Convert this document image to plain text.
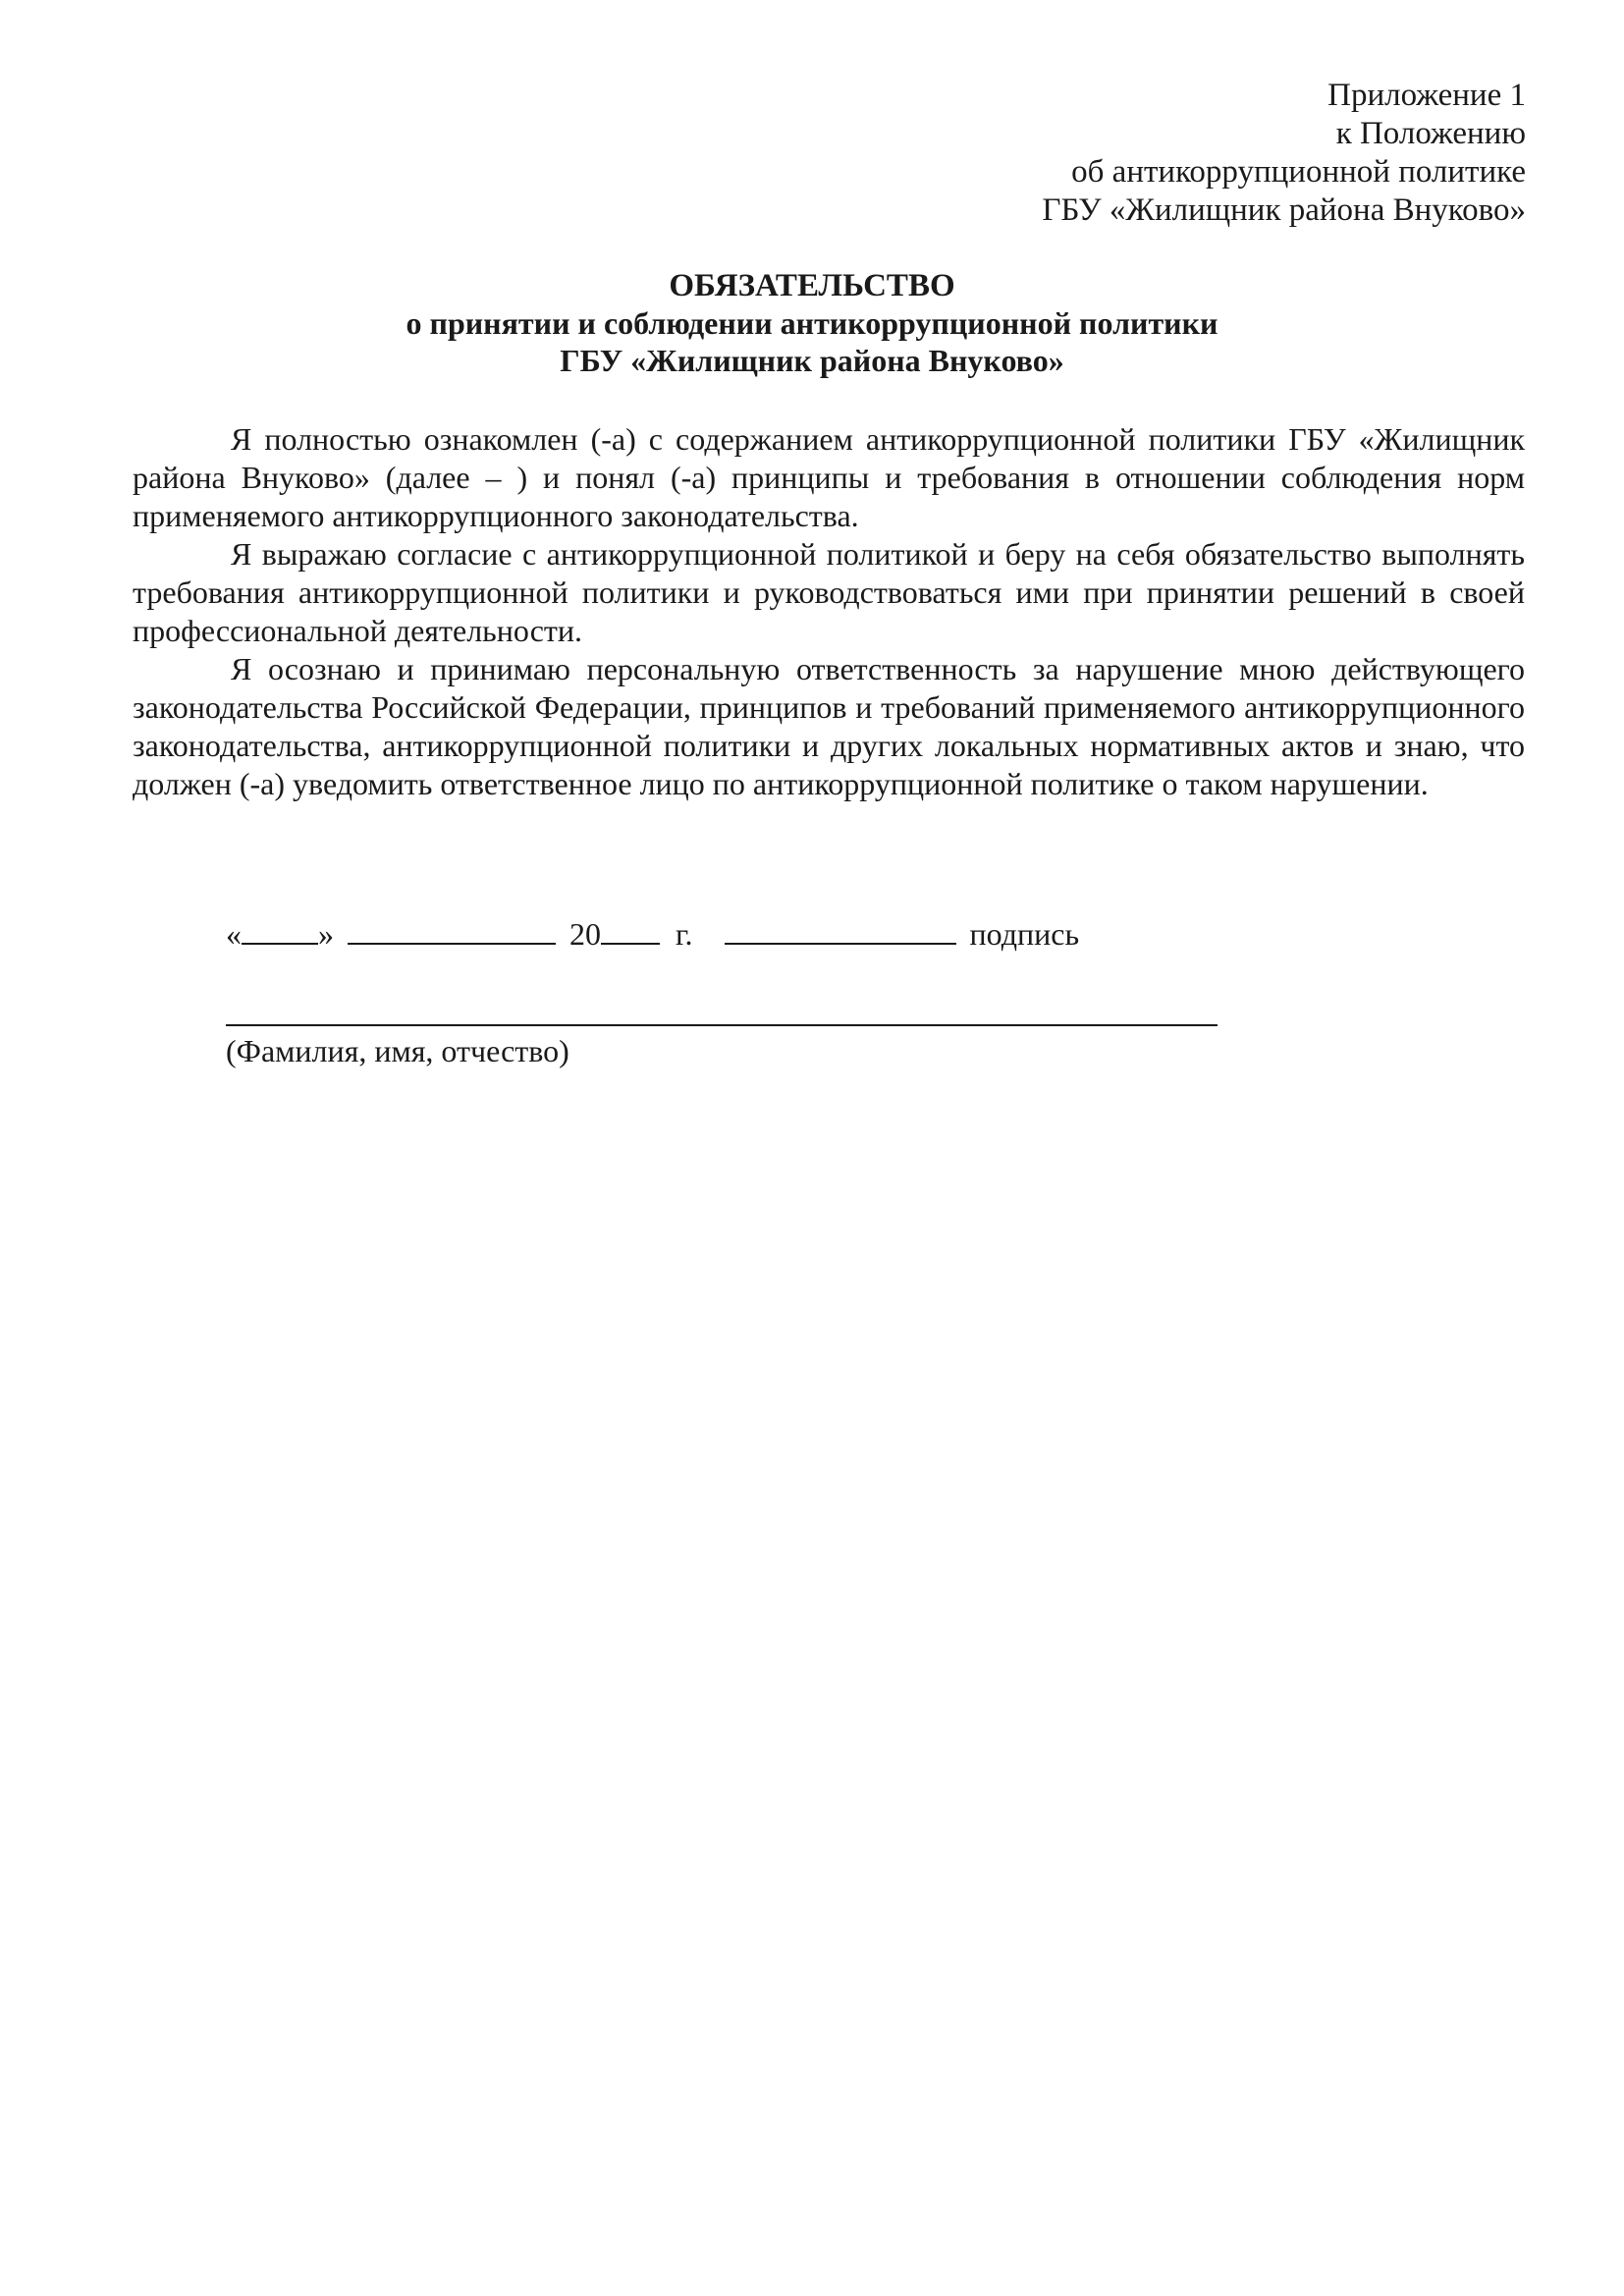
Приложение 1
к Положению
об антикоррупционной политике
ГБУ «Жилищник района Внуково»
ОБЯЗАТЕЛЬСТВО
о принятии и соблюдении антикоррупционной политики
ГБУ «Жилищник района Внуково»

Я полностью ознакомлен (-а) с содержанием антикоррупционной политики ГБУ «Жилищник района Внуково» (далее – ) и понял (-а) принципы и требования в отношении соблюдения норм применяемого антикоррупционного законодательства.

Я выражаю согласие с антикоррупционной политикой и беру на себя обязательство выполнять требования антикоррупционной политики и руководствоваться ими при принятии решений в своей профессиональной деятельности.

Я осознаю и принимаю персональную ответственность за нарушение мною действующего законодательства Российской Федерации, принципов и требований применяемого антикоррупционного законодательства, антикоррупционной политики и других локальных нормативных актов и знаю, что должен (-а) уведомить ответственное лицо по антикоррупционной политике о таком нарушении.

« »	20 г.	подпись
(Фамилия, имя, отчество)
